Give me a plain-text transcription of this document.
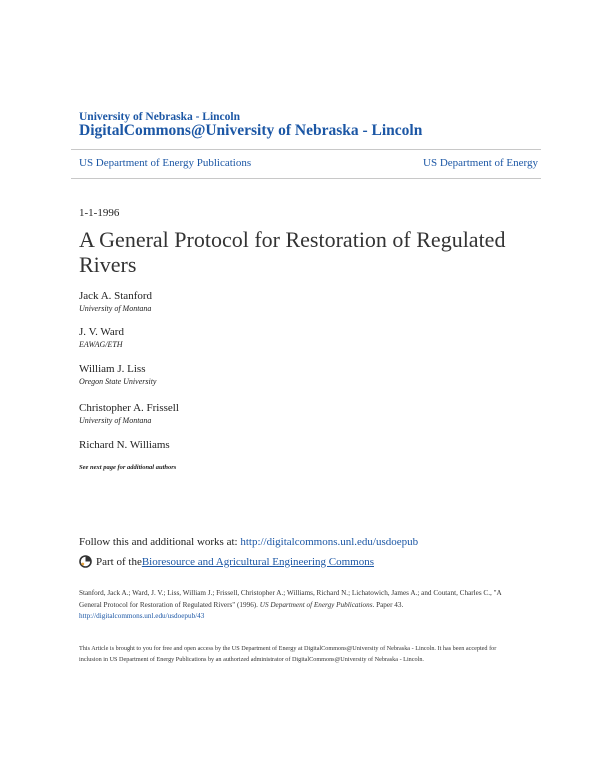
University of Nebraska - Lincoln
DigitalCommons@University of Nebraska - Lincoln
US Department of Energy Publications	US Department of Energy
1-1-1996
A General Protocol for Restoration of Regulated Rivers
Jack A. Stanford
University of Montana
J. V. Ward
EAWAG/ETH
William J. Liss
Oregon State University
Christopher A. Frissell
University of Montana
Richard N. Williams
See next page for additional authors
Follow this and additional works at: http://digitalcommons.unl.edu/usdoepub
Part of the Bioresource and Agricultural Engineering Commons
Stanford, Jack A.; Ward, J. V.; Liss, William J.; Frissell, Christopher A.; Williams, Richard N.; Lichatowich, James A.; and Coutant, Charles C., "A General Protocol for Restoration of Regulated Rivers" (1996). US Department of Energy Publications. Paper 43.
http://digitalcommons.unl.edu/usdoepub/43
This Article is brought to you for free and open access by the US Department of Energy at DigitalCommons@University of Nebraska - Lincoln. It has been accepted for inclusion in US Department of Energy Publications by an authorized administrator of DigitalCommons@University of Nebraska - Lincoln.
